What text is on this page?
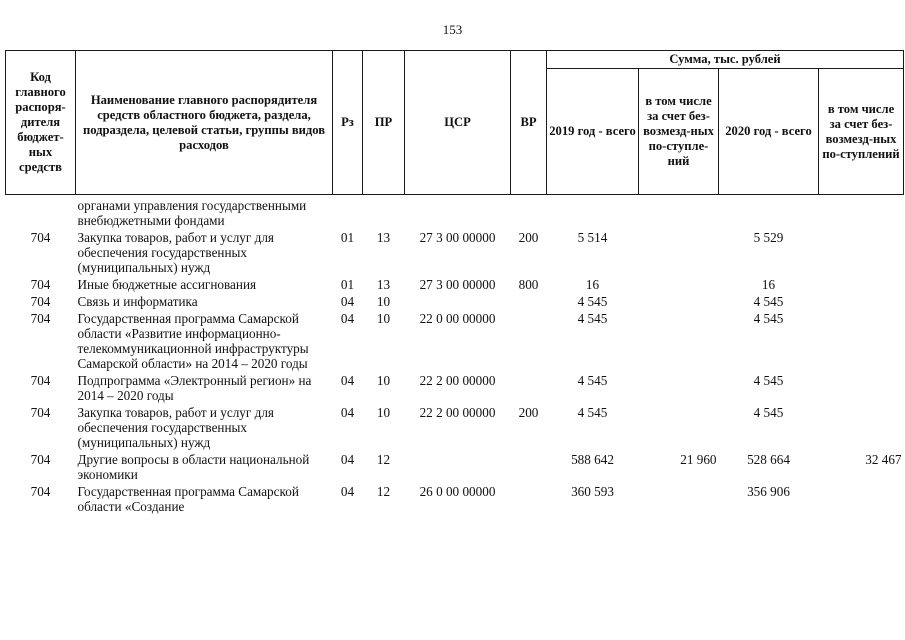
153
Код главного распоря-дителя бюджет-ных средств	Наименование главного распорядителя средств областного бюджета, раздела, подраздела, целевой статьи, группы видов расходов	Рз	ПР	ЦСР	ВР	Сумма, тыс. рублей			
						2019 год - всего	в том числе за счет без-возмезд-ных по-ступле-ний	2020 год - всего	в том числе за счет без-возмезд-ных по-ступлений
	органами управления государственными внебюджетными фондами								
704	Закупка товаров, работ и услуг для обеспечения государственных (муниципальных) нужд	01	13	27 3 00 00000	200	5 514		5 529	
704	Иные бюджетные ассигнования	01	13	27 3 00 00000	800	16		16	
704	Связь и информатика	04	10			4 545		4 545	
704	Государственная программа Самарской области «Развитие информационно-телекоммуникационной инфраструктуры Самарской области» на 2014 – 2020 годы	04	10	22 0 00 00000		4 545		4 545	
704	Подпрограмма «Электронный регион» на 2014 – 2020 годы	04	10	22 2 00 00000		4 545		4 545	
704	Закупка товаров, работ и услуг для обеспечения государственных (муниципальных) нужд	04	10	22 2 00 00000	200	4 545		4 545	
704	Другие вопросы в области национальной экономики	04	12			588 642	21 960	528 664	32 467
704	Государственная программа Самарской области «Создание	04	12	26 0 00 00000		360 593		356 906	
